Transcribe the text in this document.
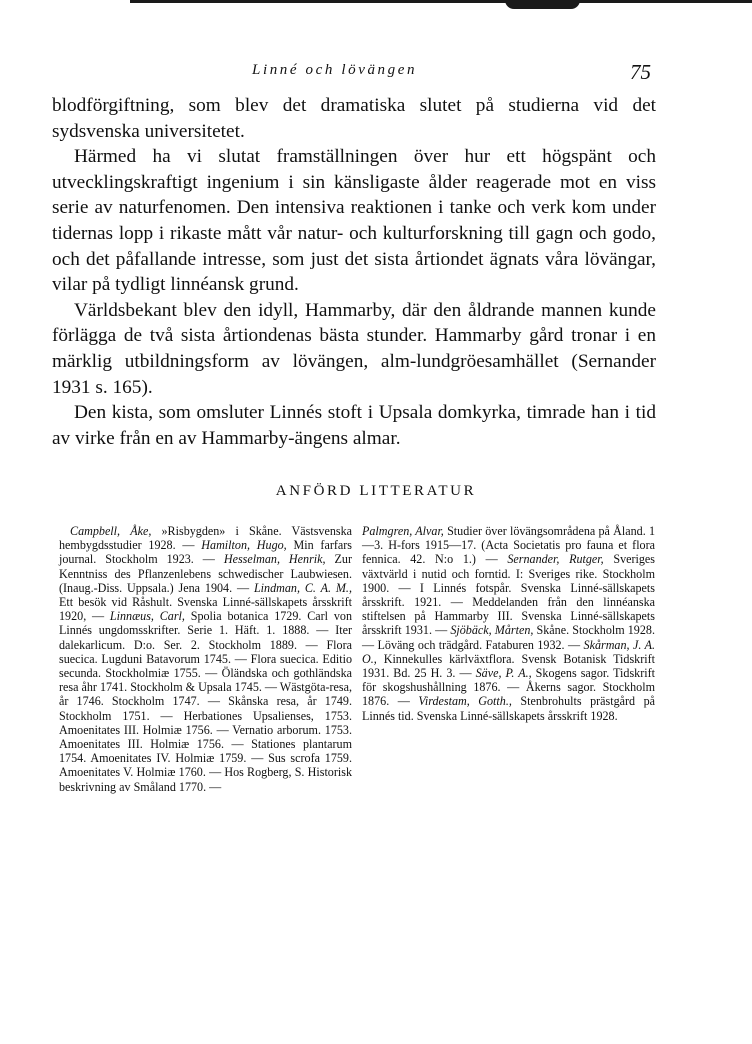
Linné och lövängen	75

blodförgiftning, som blev det dramatiska slutet på studierna vid det sydsvenska universitetet.

Härmed ha vi slutat framställningen över hur ett högspänt och utvecklingskraftigt ingenium i sin känsligaste ålder reagerade mot en viss serie av naturfenomen. Den intensiva reaktionen i tanke och verk kom under tidernas lopp i rikaste mått vår natur- och kulturforskning till gagn och godo, och det påfallande intresse, som just det sista årtiondet ägnats våra lövängar, vilar på tydligt linnéansk grund.

Världsbekant blev den idyll, Hammarby, där den åldrande mannen kunde förlägga de två sista årtiondenas bästa stunder. Hammarby gård tronar i en märklig utbildningsform av lövängen, alm-lundgröesamhället (Sernander 1931 s. 165).

Den kista, som omsluter Linnés stoft i Upsala domkyrka, timrade han i tid av virke från en av Hammarby-ängens almar.

ANFÖRD LITTERATUR

Campbell, Åke, »Risbygden» i Skåne. Västsvenska hembygdsstudier 1928. — Hamilton, Hugo, Min farfars journal. Stockholm 1923. — Hesselman, Henrik, Zur Kenntniss des Pflanzenlebens schwedischer Laubwiesen. (Inaug.-Diss. Uppsala.) Jena 1904. — Lindman, C. A. M., Ett besök vid Råshult. Svenska Linné-sällskapets årsskrift 1920, — Linnæus, Carl, Spolia botanica 1729. Carl von Linnés ungdomsskrifter. Serie 1. Häft. 1. 1888. — Iter dalekarlicum. D:o. Ser. 2. Stockholm 1889. — Flora suecica. Lugduni Batavorum 1745. — Flora suecica. Editio secunda. Stockholmiæ 1755. — Öländska och gothländska resa åhr 1741. Stockholm & Upsala 1745. — Wästgöta-resa, år 1746. Stockholm 1747. — Skånska resa, år 1749. Stockholm 1751. — Herbationes Upsalienses, 1753. Amoenitates III. Holmiæ 1756. — Vernatio arborum. 1753. Amoenitates III. Holmiæ 1756. — Stationes plantarum 1754. Amoenitates IV. Holmiæ 1759. — Sus scrofa 1759. Amoenitates V. Holmiæ 1760. — Hos Rogberg, S. Historisk beskrivning av Småland 1770. —

Palmgren, Alvar, Studier över lövängsområdena på Åland. 1—3. H-fors 1915—17. (Acta Societatis pro fauna et flora fennica. 42. N:o 1.) — Sernander, Rutger, Sveriges växtvärld i nutid och forntid. I: Sveriges rike. Stockholm 1900. — I Linnés fotspår. Svenska Linné-sällskapets årsskrift. 1921. — Meddelanden från den linnéanska stiftelsen på Hammarby III. Svenska Linné-sällskapets årsskrift 1931. — Sjöbäck, Mårten, Skåne. Stockholm 1928. — Löväng och trädgård. Fataburen 1932. — Skårman, J. A. O., Kinnekulles kärlväxtflora. Svensk Botanisk Tidskrift 1931. Bd. 25 H. 3. — Säve, P. A., Skogens sagor. Tidskrift för skogshushållning 1876. — Åkerns sagor. Stockholm 1876. — Virdestam, Gotth., Stenbrohults prästgård på Linnés tid. Svenska Linné-sällskapets årsskrift 1928.
